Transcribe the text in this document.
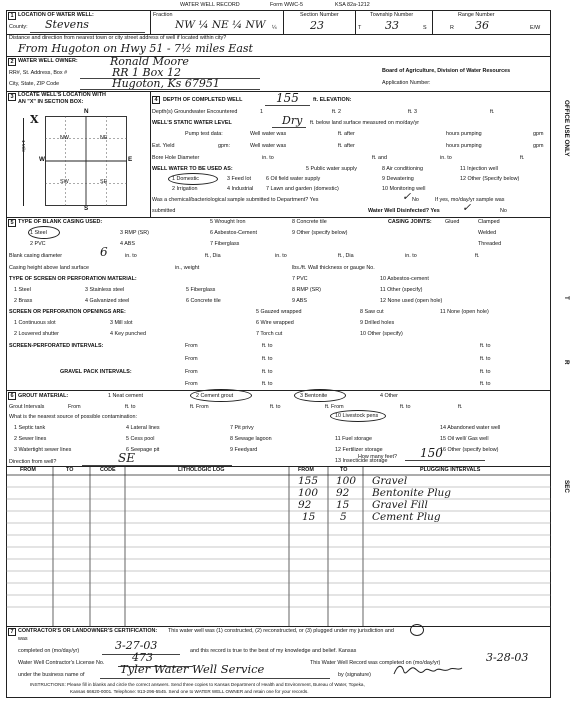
WATER WELL RECORD	Form WWC-5	KSA 82a-1212
1 LOCATION OF WATER WELL:
County: Stevens
Fraction
NW ¼ NE ¼ NW ¼
Section Number
23
Township Number
T 33	S
Range Number
R 36	E/W
Distance and direction from nearest town or city street address of well if located within city?
From Hugoton on Hwy 51 - 7½ miles East
2 WATER WELL OWNER:	Ronald Moore
RR#, St. Address, Box #	RR 1 Box 12	Board of Agriculture, Division of Water Resources
City, State, ZIP Code	Hugoton, Ks 67951	Application Number:
3 LOCATE WELL'S LOCATION WITH
AN "X" IN SECTION BOX:
N
S
W	E
X
1 Mile
NW	NE
SW	SE
4	DEPTH OF COMPLETED WELL	155	ft. ELEVATION:
Depth(s) Groundwater Encountered	1	ft. 2	ft. 3	ft.
WELL'S STATIC WATER LEVEL	Dry ft. below land surface measured on mo/day/yr
Pump test data:	Well water was	ft. after	hours pumping	gpm
Est. Yield	gpm:	Well water was	ft. after	hours pumping	gpm
Bore Hole Diameter	in. to	ft. and	in. to	ft.
WELL WATER TO BE USED AS:	5 Public water supply	8 Air conditioning	11 Injection well
1 Domestic	3 Feed lot	6 Oil field water supply	9 Dewatering	12 Other (Specify below)
2 Irrigation	4 Industrial 7 Lawn and garden (domestic)	10 Monitoring well
Was a chemical/bacteriological sample submitted to Department? Yes	No
✓	If yes, mo/day/yr sample was
submitted	Water Well Disinfected? Yes ✓	No
5 TYPE OF BLANK CASING USED:	5 Wrought Iron	8 Concrete tile	CASING JOINTS: Glued	Clamped
1 Steel	3 RMP (SR)	6 Asbestos-Cement	9 Other (specify below)	Welded
2 PVC	4 ABS	7 Fiberglass	Threaded
Blank casing diameter	6	in. to	ft., Dia	in. to	ft., Dia	in. to	ft.
Casing height above land surface	in., weight	lbs./ft. Wall thickness or gauge No.
TYPE OF SCREEN OR PERFORATION MATERIAL:	7 PVC	10 Asbestos-cement
1 Steel	3 Stainless steel	5 Fiberglass	8 RMP (SR)	11 Other (specify)
2 Brass	4 Galvanized steel	6 Concrete tile	9 ABS	12 None used (open hole)
SCREEN OR PERFORATION OPENINGS ARE:	5 Gauzed wrapped	8 Saw cut	11 None (open hole)
1 Continuous slot	3 Mill slot	6 Wire wrapped	9 Drilled holes
2 Louvered shutter	4 Key punched	7 Torch cut	10 Other (specify)
SCREEN-PERFORATED INTERVALS:	From	ft. to	ft. to
From	ft. to	ft. to
GRAVEL PACK INTERVALS:	From	ft. to	ft. to
From	ft. to	ft. to
6 GROUT MATERIAL:	1 Neat cement	2 Cement grout	3 Bentonite	4 Other
Grout Intervals	From	ft. to	ft. From	ft. to	ft. From	ft. to	ft.
What is the nearest source of possible contamination:	10 Livestock pens
1 Septic tank	4 Lateral lines	7 Pit privy	14 Abandoned water well
2 Sewer lines	5 Cess pool	8 Sewage lagoon	11 Fuel storage	15 Oil well/ Gas well
3 Watertight sewer lines	6 Seepage pit	9 Feedyard	12 Fertilizer storage	16 Other (specify below)
13 Insecticide storage
Direction from well?	SE	How many feet? 150
FROM	TO	CODE	LITHOLOGIC LOG	FROM	TO	PLUGGING INTERVALS
155 100 Gravel
100 92 Bentonite Plug
92 15 Gravel Fill
15 5 Cement Plug
7 CONTRACTOR'S OR LANDOWNER'S CERTIFICATION: This water well was (1) constructed, (2) reconstructed, or (3) plugged under my jurisdiction and
was
completed on (mo/day/yr)	3-27-03	and this record is true to the best of my knowledge and belief. Kansas
Water Well Contractor's License No.	473	This Water Well Record was completed on (mo/day/yr)	3-28-03
under the business name of	Tyler Water Well Service	by (signature)
INSTRUCTIONS: Please fill in blanks and circle the correct answers. Send three copies to Kansas Department of Health and Environment, Bureau of Water, Topeka,
Kansas 66620-0001. Telephone: 913-296-5545. Send one to WATER WELL OWNER and retain one for your records.
OFFICE USE ONLY
T
R
SEC
